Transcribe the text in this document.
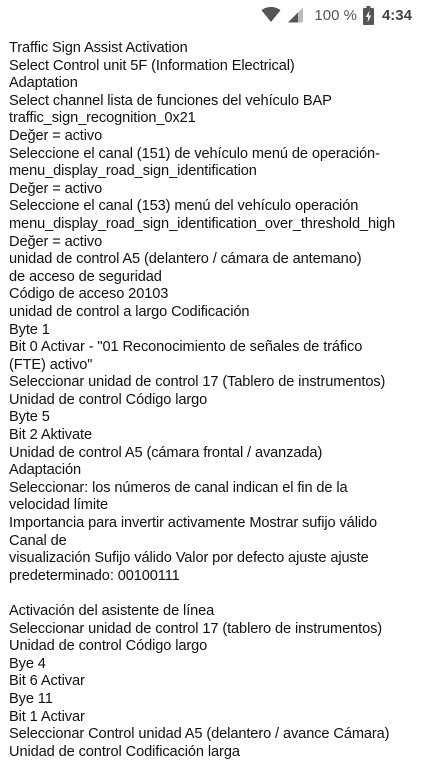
100 % 4:34
Traffic Sign Assist Activation
Select Control unit 5F (Information Electrical)
Adaptation
Select channel lista de funciones del vehículo BAP
traffic_sign_recognition_0x21
Değer = activo
Seleccione el canal (151) de vehículo menú de operación-
menu_display_road_sign_identification
Değer = activo
Seleccione el canal (153) menú del vehículo operación
menu_display_road_sign_identification_over_threshold_high
Değer = activo
unidad de control A5 (delantero / cámara de antemano)
de acceso de seguridad
Código de acceso 20103
unidad de control a largo Codificación
Byte 1
Bit 0 Activar - "01 Reconocimiento de señales de tráfico
(FTE) activo"
Seleccionar unidad de control 17 (Tablero de instrumentos)
Unidad de control Código largo
Byte 5
Bit 2 Aktivate
Unidad de control A5 (cámara frontal / avanzada)
Adaptación
Seleccionar: los números de canal indican el fin de la
velocidad límite
Importancia para invertir activamente Mostrar sufijo válido
Canal de
visualización Sufijo válido Valor por defecto ajuste ajuste
predeterminado: 00100111
Activación del asistente de línea
Seleccionar unidad de control 17 (tablero de instrumentos)
Unidad de control Código largo
Bye 4
Bit 6 Activar
Bye 11
Bit 1 Activar
Seleccionar Control unidad A5 (delantero / avance Cámara)
Unidad de control Codificación larga
